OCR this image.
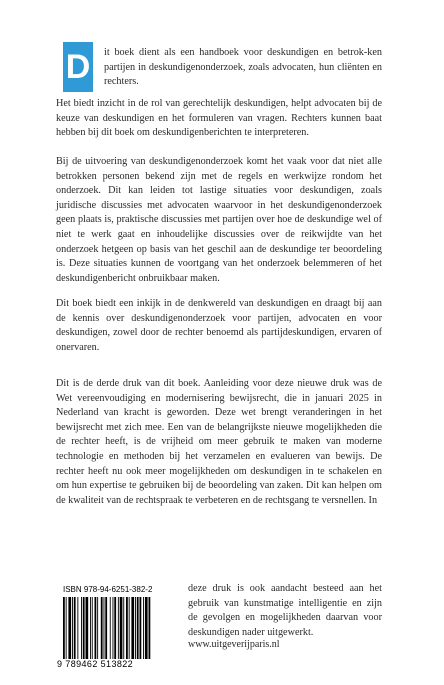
D it boek dient als een handboek voor deskundigen en betrok-ken partijen in deskundigenonderzoek, zoals advocaten, hun cliënten en rechters.

Het biedt inzicht in de rol van gerechtelijk deskundigen, helpt advocaten bij de keuze van deskundigen en het formuleren van vragen. Rechters kunnen baat hebben bij dit boek om deskundigenberichten te interpreteren.

Bij de uitvoering van deskundigenonderzoek komt het vaak voor dat niet alle betrokken personen bekend zijn met de regels en werkwijze rondom het onderzoek. Dit kan leiden tot lastige situaties voor deskundigen, zoals juridische discussies met advocaten waarvoor in het deskundigenonderzoek geen plaats is, praktische discussies met partijen over hoe de deskundige wel of niet te werk gaat en inhoudelijke discussies over de reikwijdte van het onderzoek hetgeen op basis van het geschil aan de deskundige ter beoordeling is. Deze situaties kunnen de voortgang van het onderzoek belemmeren of het deskundigenbericht onbruikbaar maken.

Dit boek biedt een inkijk in de denkwereld van deskundigen en draagt bij aan de kennis over deskundigenonderzoek voor partijen, advocaten en voor deskundigen, zowel door de rechter benoemd als partijdeskundigen, ervaren of onervaren.

Dit is de derde druk van dit boek. Aanleiding voor deze nieuwe druk was de Wet vereenvoudiging en modernisering bewijsrecht, die in januari 2025 in Nederland van kracht is geworden. Deze wet brengt veranderingen in het bewijsrecht met zich mee. Een van de belangrijkste nieuwe mogelijkheden die de rechter heeft, is de vrijheid om meer gebruik te maken van moderne technologie en methoden bij het verzamelen en evalueren van bewijs. De rechter heeft nu ook meer mogelijkheden om deskundigen in te schakelen en om hun expertise te gebruiken bij de beoordeling van zaken. Dit kan helpen om de kwaliteit van de rechtspraak te verbeteren en de rechtsgang te versnellen. In

deze druk is ook aandacht besteed aan het gebruik van kunstmatige intelligentie en zijn de gevolgen en mogelijkheden daarvan voor deskundigen nader uitgewerkt.

ISBN 978-94-6251-382-2
9 789462 513822
www.uitgeverijparis.nl
